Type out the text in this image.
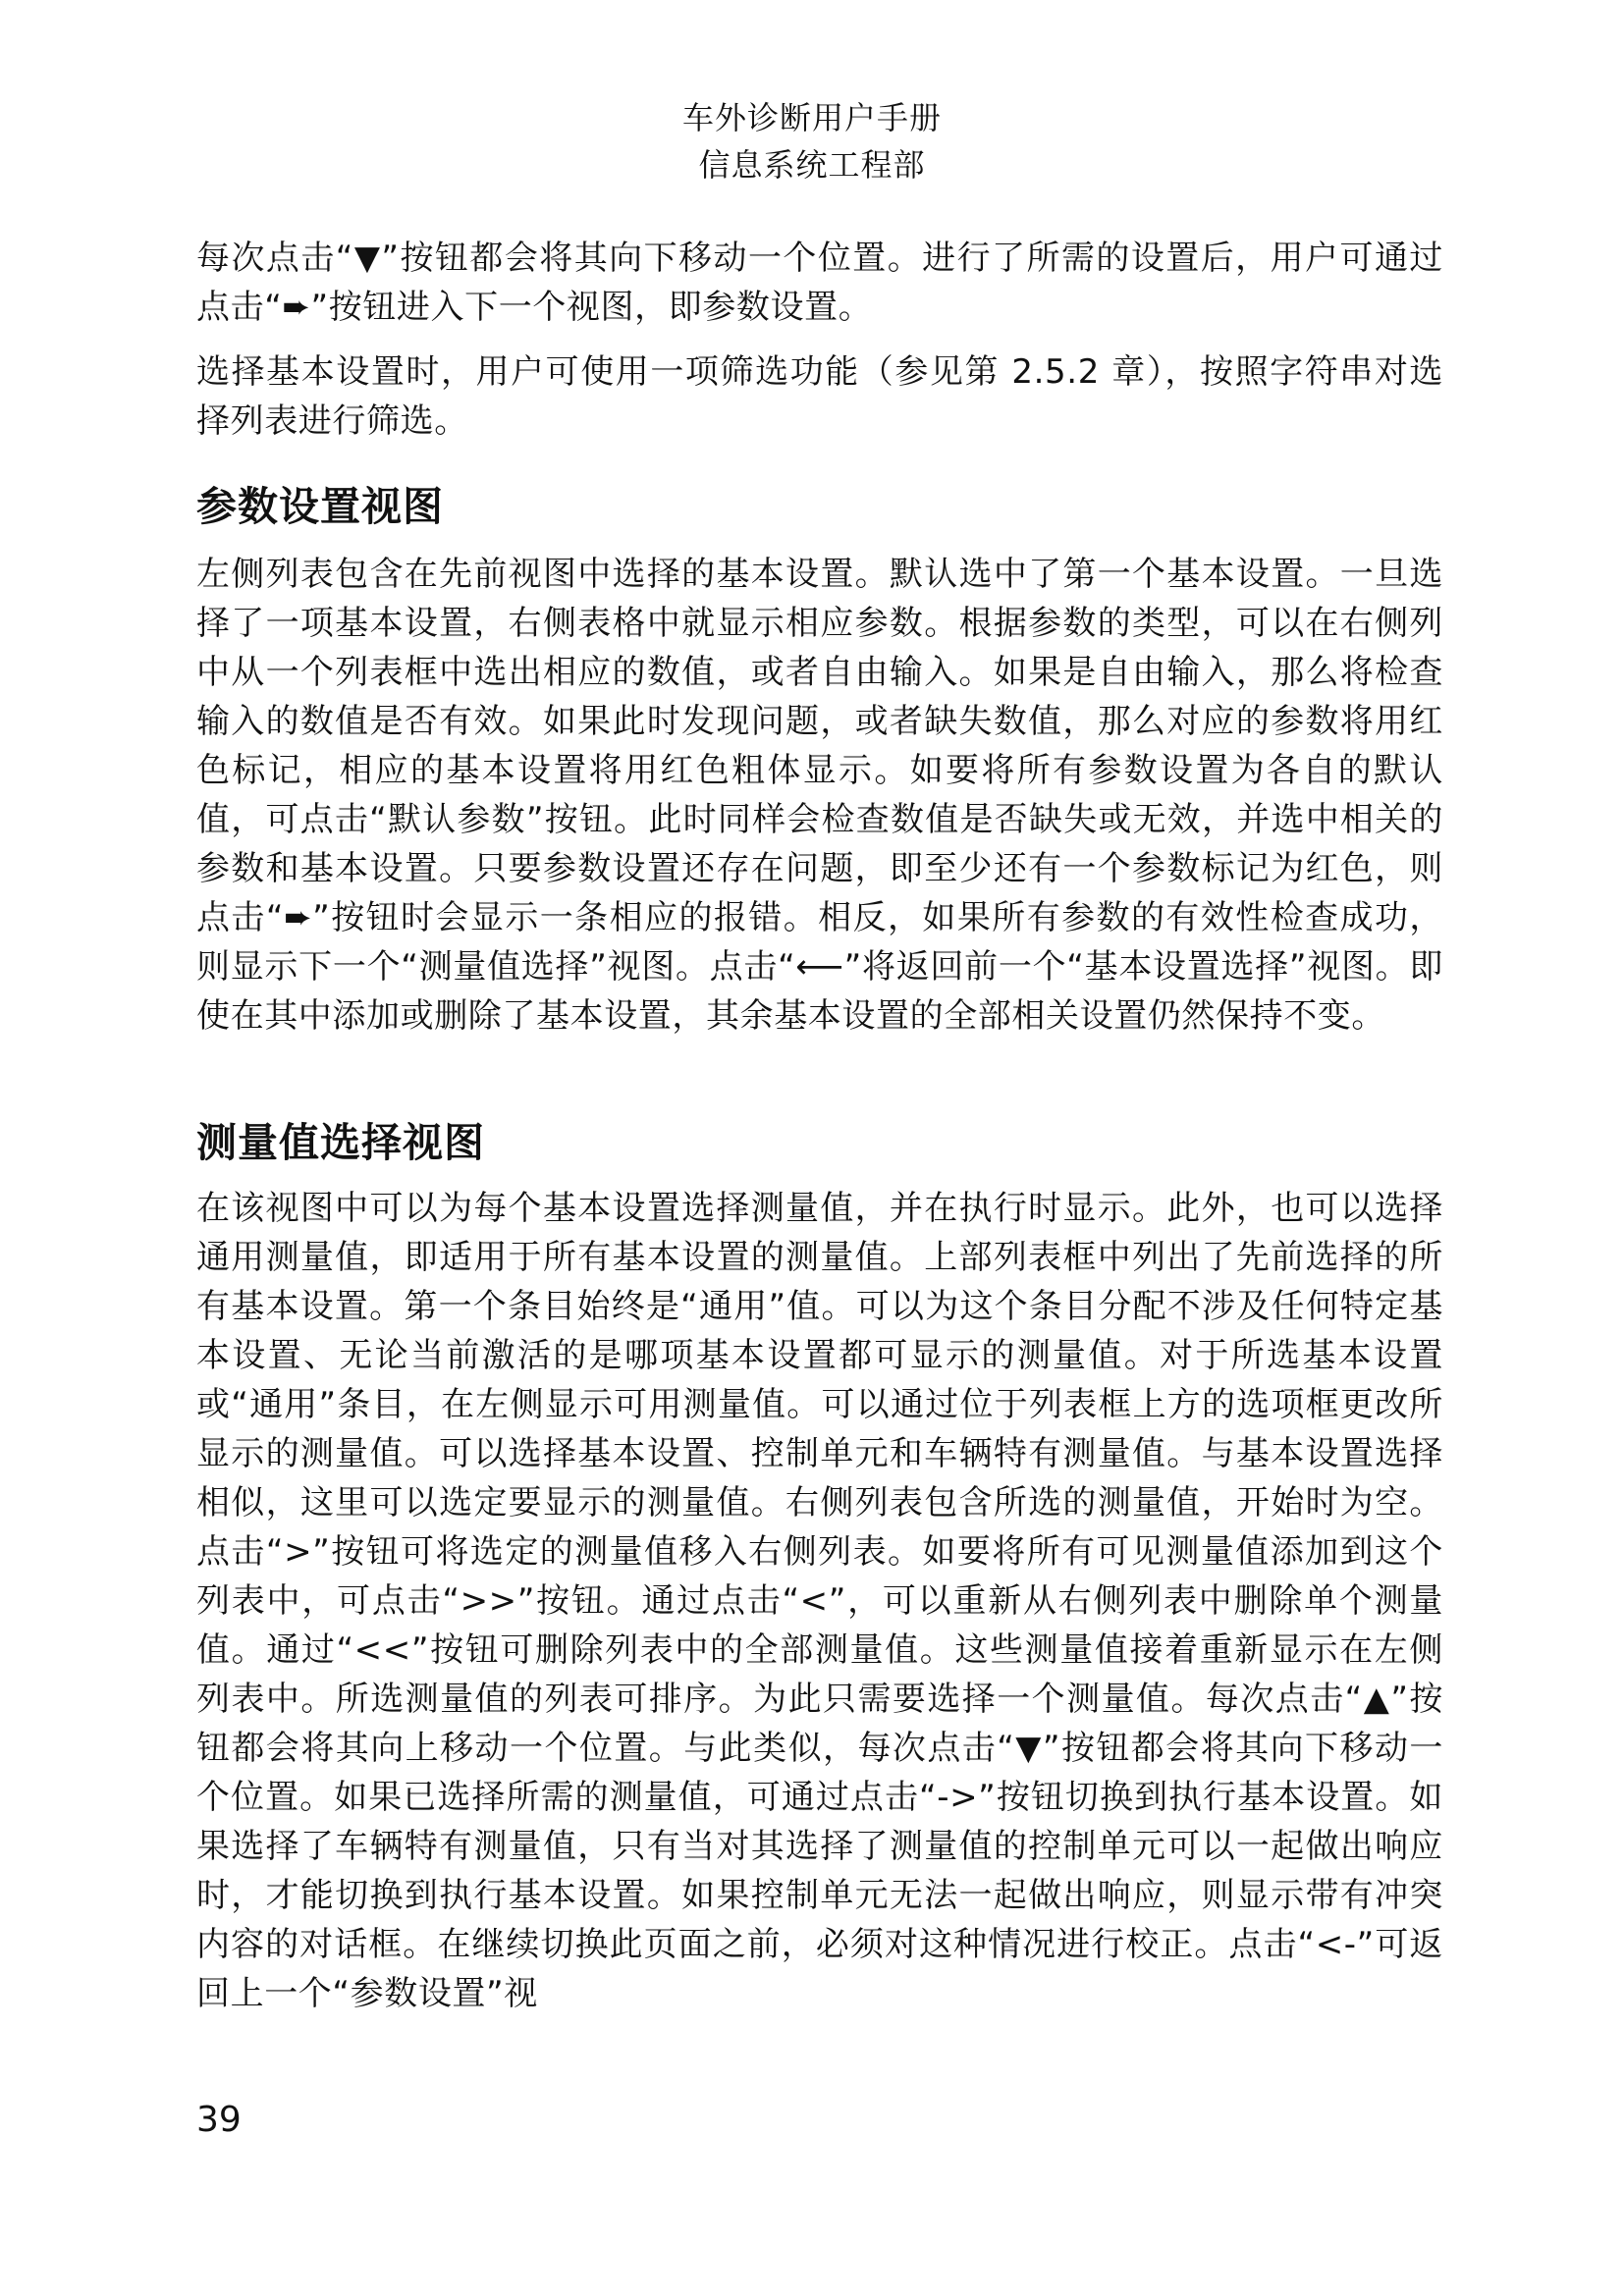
车外诊断用户手册
信息系统工程部

每次点击“▼”按钮都会将其向下移动一个位置。进行了所需的设置后，用户可通过点击“➨”按钮进入下一个视图，即参数设置。

选择基本设置时，用户可使用一项筛选功能（参见第 2.5.2 章），按照字符串对选择列表进行筛选。

参数设置视图

左侧列表包含在先前视图中选择的基本设置。默认选中了第一个基本设置。一旦选择了一项基本设置，右侧表格中就显示相应参数。根据参数的类型，可以在右侧列中从一个列表框中选出相应的数值，或者自由输入。如果是自由输入，那么将检查输入的数值是否有效。如果此时发现问题，或者缺失数值，那么对应的参数将用红色标记，相应的基本设置将用红色粗体显示。如要将所有参数设置为各自的默认值，可点击“默认参数”按钮。此时同样会检查数值是否缺失或无效，并选中相关的参数和基本设置。只要参数设置还存在问题，即至少还有一个参数标记为红色，则点击“➨”按钮时会显示一条相应的报错。相反，如果所有参数的有效性检查成功，则显示下一个“测量值选择”视图。点击“⟵”将返回前一个“基本设置选择”视图。即使在其中添加或删除了基本设置，其余基本设置的全部相关设置仍然保持不变。

测量值选择视图

在该视图中可以为每个基本设置选择测量值，并在执行时显示。此外，也可以选择通用测量值，即适用于所有基本设置的测量值。上部列表框中列出了先前选择的所有基本设置。第一个条目始终是“通用”值。可以为这个条目分配不涉及任何特定基本设置、无论当前激活的是哪项基本设置都可显示的测量值。对于所选基本设置或“通用”条目，在左侧显示可用测量值。可以通过位于列表框上方的选项框更改所显示的测量值。可以选择基本设置、控制单元和车辆特有测量值。与基本设置选择相似，这里可以选定要显示的测量值。右侧列表包含所选的测量值，开始时为空。点击“>”按钮可将选定的测量值移入右侧列表。如要将所有可见测量值添加到这个列表中，可点击“>>”按钮。通过点击“<”，可以重新从右侧列表中删除单个测量值。通过“<<”按钮可删除列表中的全部测量值。这些测量值接着重新显示在左侧列表中。所选测量值的列表可排序。为此只需要选择一个测量值。每次点击“▲”按钮都会将其向上移动一个位置。与此类似，每次点击“▼”按钮都会将其向下移动一个位置。如果已选择所需的测量值，可通过点击“->”按钮切换到执行基本设置。如果选择了车辆特有测量值，只有当对其选择了测量值的控制单元可以一起做出响应时，才能切换到执行基本设置。如果控制单元无法一起做出响应，则显示带有冲突内容的对话框。在继续切换此页面之前，必须对这种情况进行校正。点击“<-”可返回上一个“参数设置”视

39
